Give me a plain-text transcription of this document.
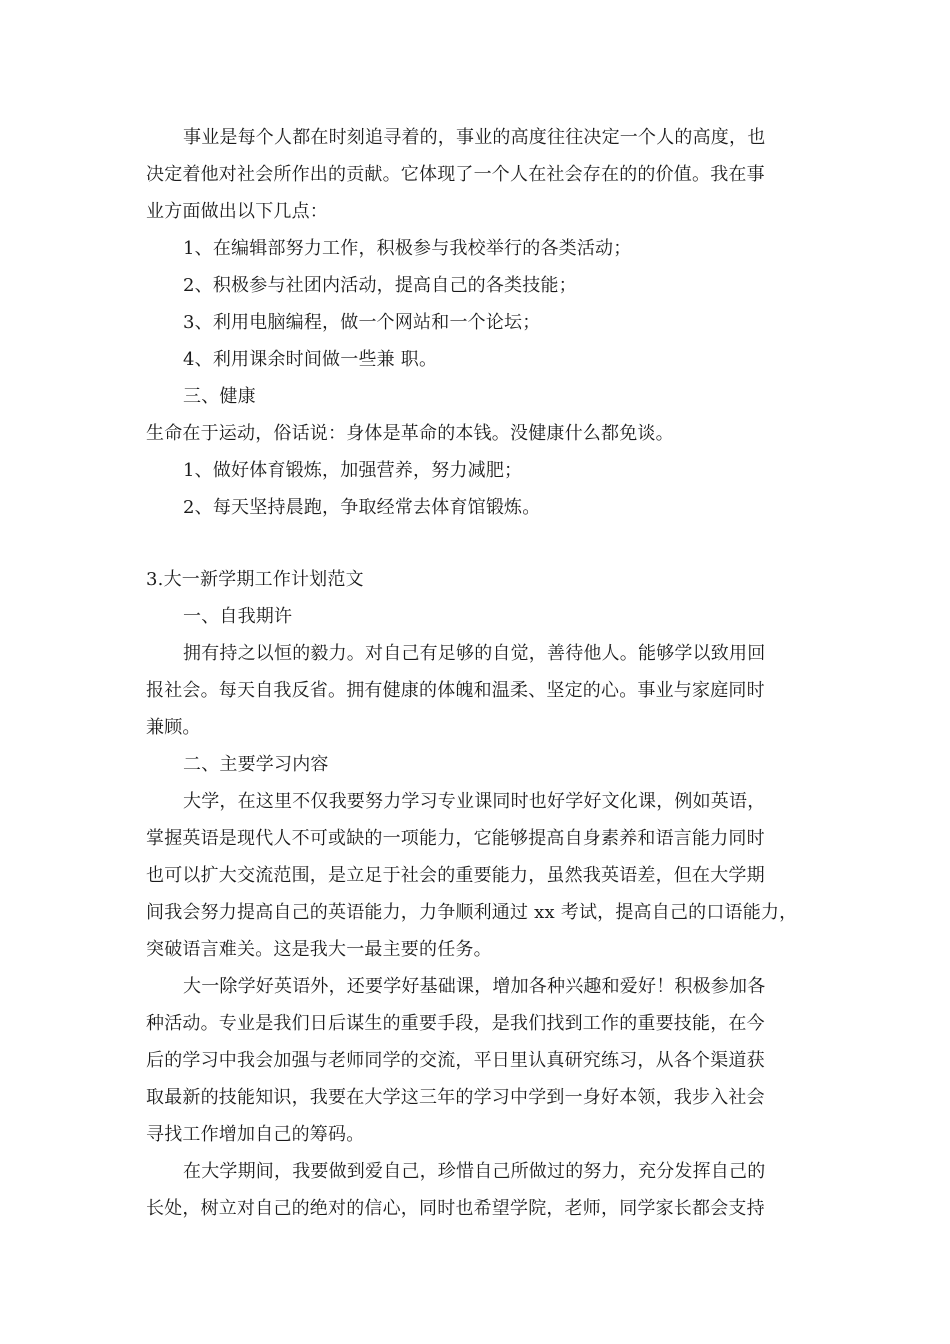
事业是每个人都在时刻追寻着的，事业的高度往往决定一个人的高度，也
决定着他对社会所作出的贡献。它体现了一个人在社会存在的的价值。我在事
业方面做出以下几点：
1、在编辑部努力工作，积极参与我校举行的各类活动；
2、积极参与社团内活动，提高自己的各类技能；
3、利用电脑编程，做一个网站和一个论坛；
4、利用课余时间做一些兼 职。
三、健康
生命在于运动，俗话说：身体是革命的本钱。没健康什么都免谈。
1、做好体育锻炼，加强营养，努力减肥；
2、每天坚持晨跑，争取经常去体育馆锻炼。
3.大一新学期工作计划范文
一、自我期许
拥有持之以恒的毅力。对自己有足够的自觉，善待他人。能够学以致用回
报社会。每天自我反省。拥有健康的体魄和温柔、坚定的心。事业与家庭同时
兼顾。
二、主要学习内容
大学，在这里不仅我要努力学习专业课同时也好学好文化课，例如英语，
掌握英语是现代人不可或缺的一项能力，它能够提高自身素养和语言能力同时
也可以扩大交流范围，是立足于社会的重要能力，虽然我英语差，但在大学期
间我会努力提高自己的英语能力，力争顺利通过 xx 考试，提高自己的口语能力，
突破语言难关。这是我大一最主要的任务。
大一除学好英语外，还要学好基础课，增加各种兴趣和爱好！积极参加各
种活动。专业是我们日后谋生的重要手段，是我们找到工作的重要技能，在今
后的学习中我会加强与老师同学的交流，平日里认真研究练习，从各个渠道获
取最新的技能知识，我要在大学这三年的学习中学到一身好本领，我步入社会
寻找工作增加自己的筹码。
在大学期间，我要做到爱自己，珍惜自己所做过的努力，充分发挥自己的
长处，树立对自己的绝对的信心，同时也希望学院，老师，同学家长都会支持
